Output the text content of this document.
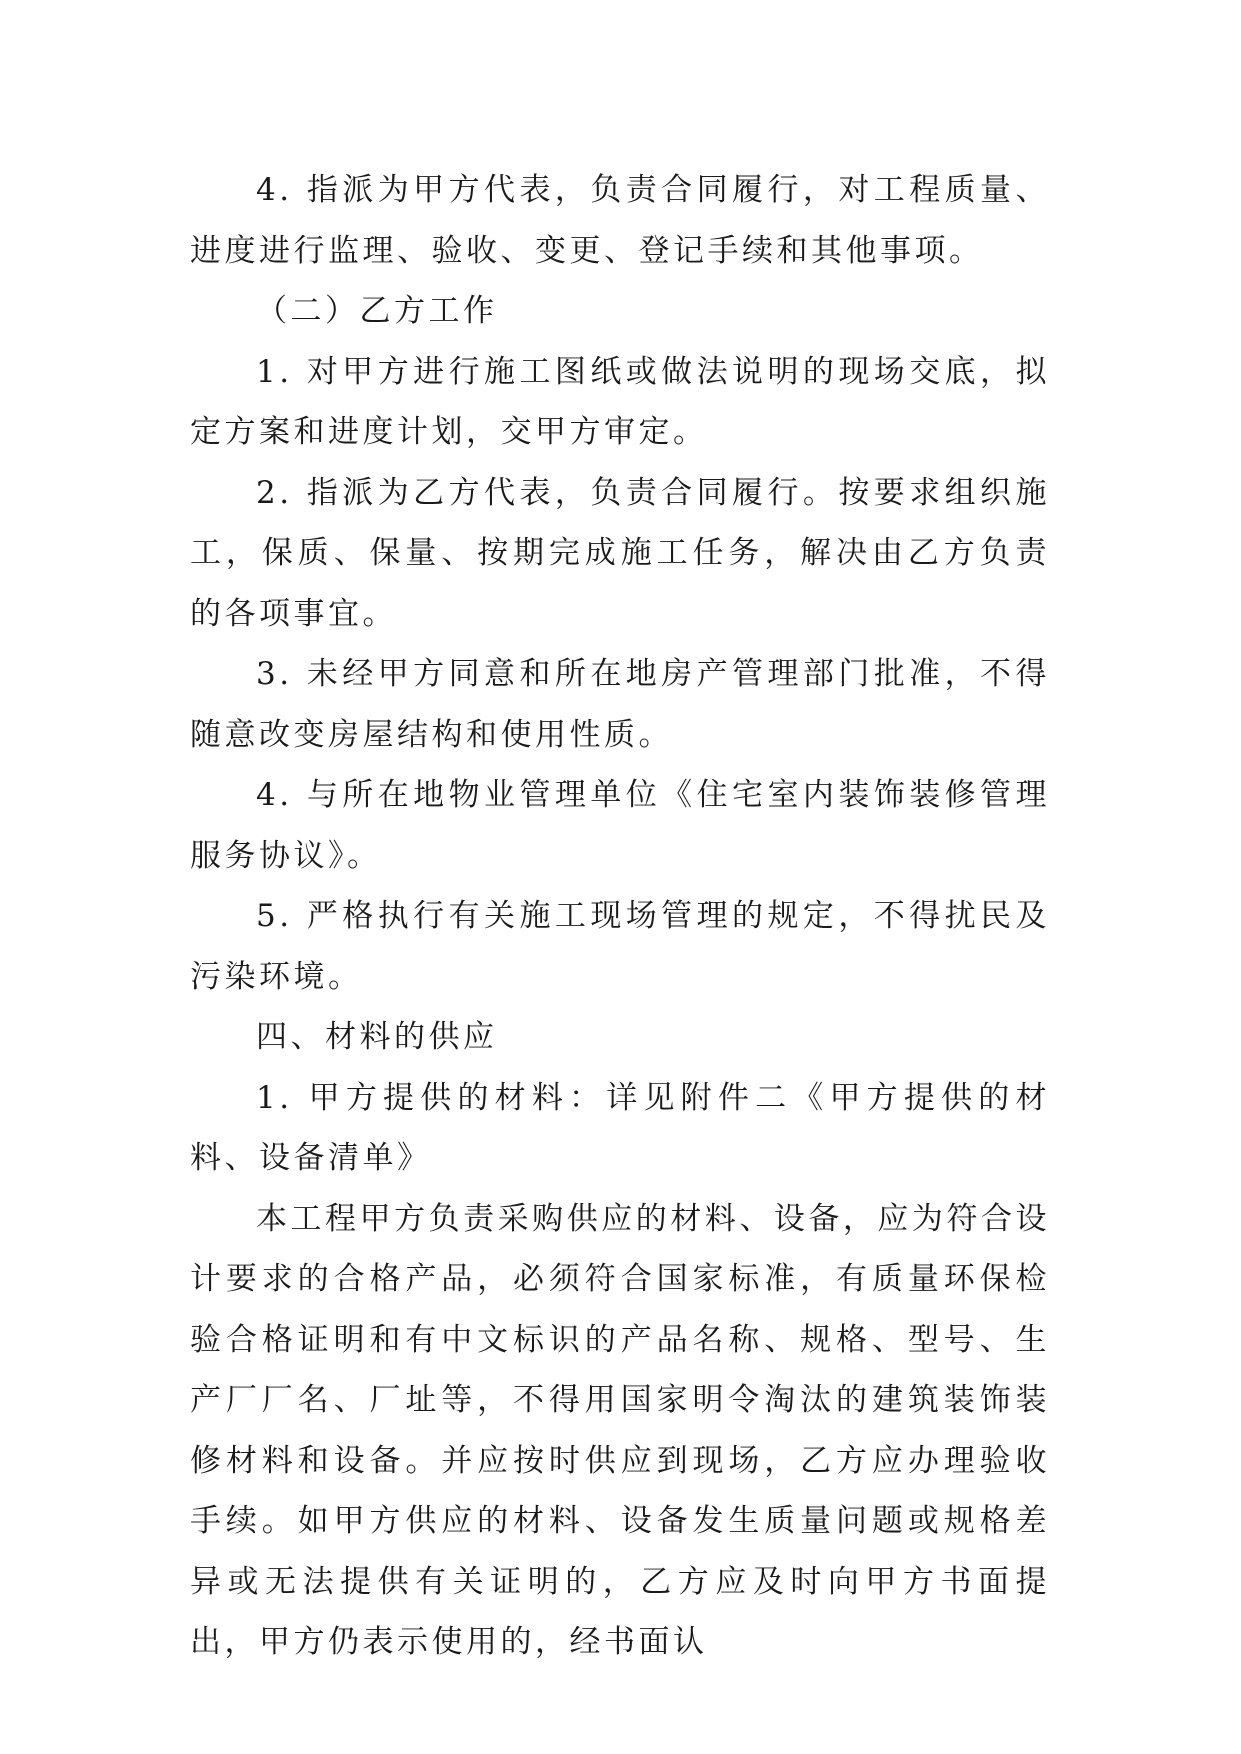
4. 指派为甲方代表，负责合同履行，对工程质量、进度进行监理、验收、变更、登记手续和其他事项。

（二）乙方工作

1. 对甲方进行施工图纸或做法说明的现场交底，拟定方案和进度计划，交甲方审定。

2. 指派为乙方代表，负责合同履行。按要求组织施工，保质、保量、按期完成施工任务，解决由乙方负责的各项事宜。

3. 未经甲方同意和所在地房产管理部门批准，不得随意改变房屋结构和使用性质。

4. 与所在地物业管理单位《住宅室内装饰装修管理服务协议》。

5. 严格执行有关施工现场管理的规定，不得扰民及污染环境。

四、材料的供应

1. 甲方提供的材料：详见附件二《甲方提供的材料、设备清单》

本工程甲方负责采购供应的材料、设备，应为符合设计要求的合格产品，必须符合国家标准，有质量环保检验合格证明和有中文标识的产品名称、规格、型号、生产厂厂名、厂址等，不得用国家明令淘汰的建筑装饰装修材料和设备。并应按时供应到现场，乙方应办理验收手续。如甲方供应的材料、设备发生质量问题或规格差异或无法提供有关证明的，乙方应及时向甲方书面提出，甲方仍表示使用的，经书面认
